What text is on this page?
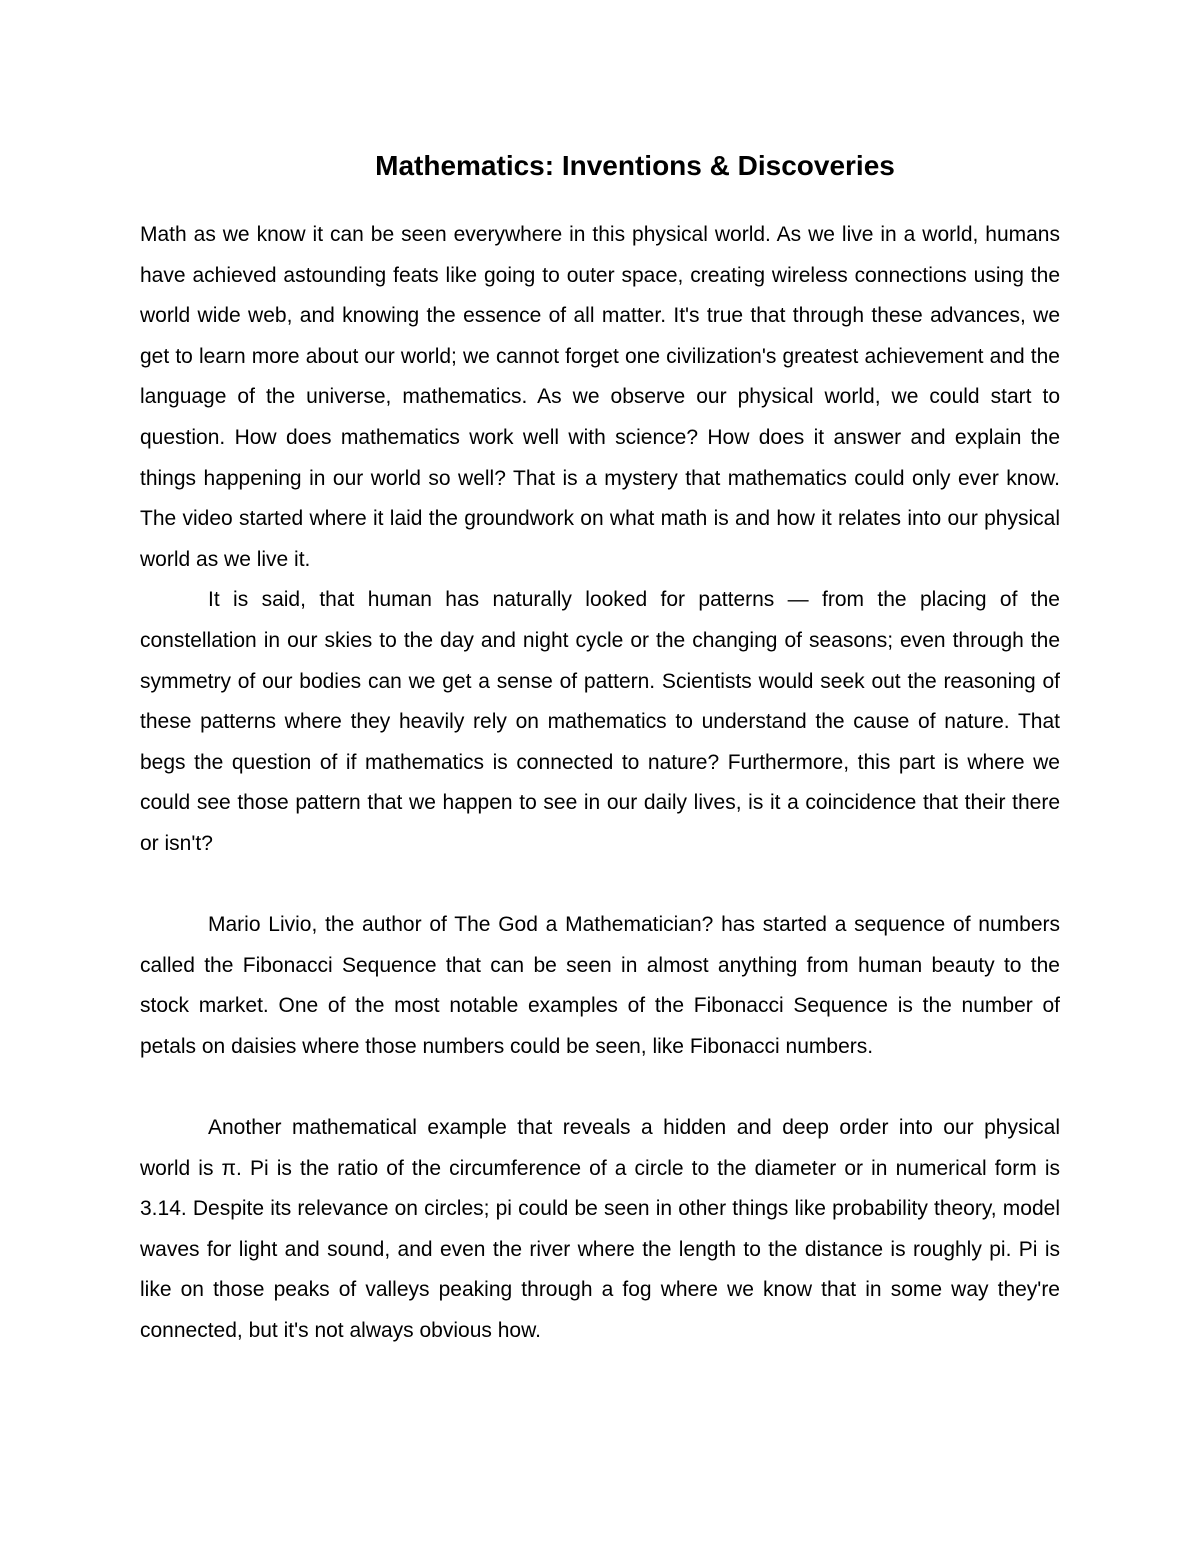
Mathematics: Inventions & Discoveries

Math as we know it can be seen everywhere in this physical world. As we live in a world, humans have achieved astounding feats like going to outer space, creating wireless connections using the world wide web, and knowing the essence of all matter. It's true that through these advances, we get to learn more about our world; we cannot forget one civilization's greatest achievement and the language of the universe, mathematics. As we observe our physical world, we could start to question. How does mathematics work well with science? How does it answer and explain the things happening in our world so well? That is a mystery that mathematics could only ever know. The video started where it laid the groundwork on what math is and how it relates into our physical world as we live it.

It is said, that human has naturally looked for patterns — from the placing of the constellation in our skies to the day and night cycle or the changing of seasons; even through the symmetry of our bodies can we get a sense of pattern. Scientists would seek out the reasoning of these patterns where they heavily rely on mathematics to understand the cause of nature. That begs the question of if mathematics is connected to nature? Furthermore, this part is where we could see those pattern that we happen to see in our daily lives, is it a coincidence that their there or isn't?

Mario Livio, the author of The God a Mathematician? has started a sequence of numbers called the Fibonacci Sequence that can be seen in almost anything from human beauty to the stock market. One of the most notable examples of the Fibonacci Sequence is the number of petals on daisies where those numbers could be seen, like Fibonacci numbers.

Another mathematical example that reveals a hidden and deep order into our physical world is π. Pi is the ratio of the circumference of a circle to the diameter or in numerical form is 3.14. Despite its relevance on circles; pi could be seen in other things like probability theory, model waves for light and sound, and even the river where the length to the distance is roughly pi. Pi is like on those peaks of valleys peaking through a fog where we know that in some way they're connected, but it's not always obvious how.
